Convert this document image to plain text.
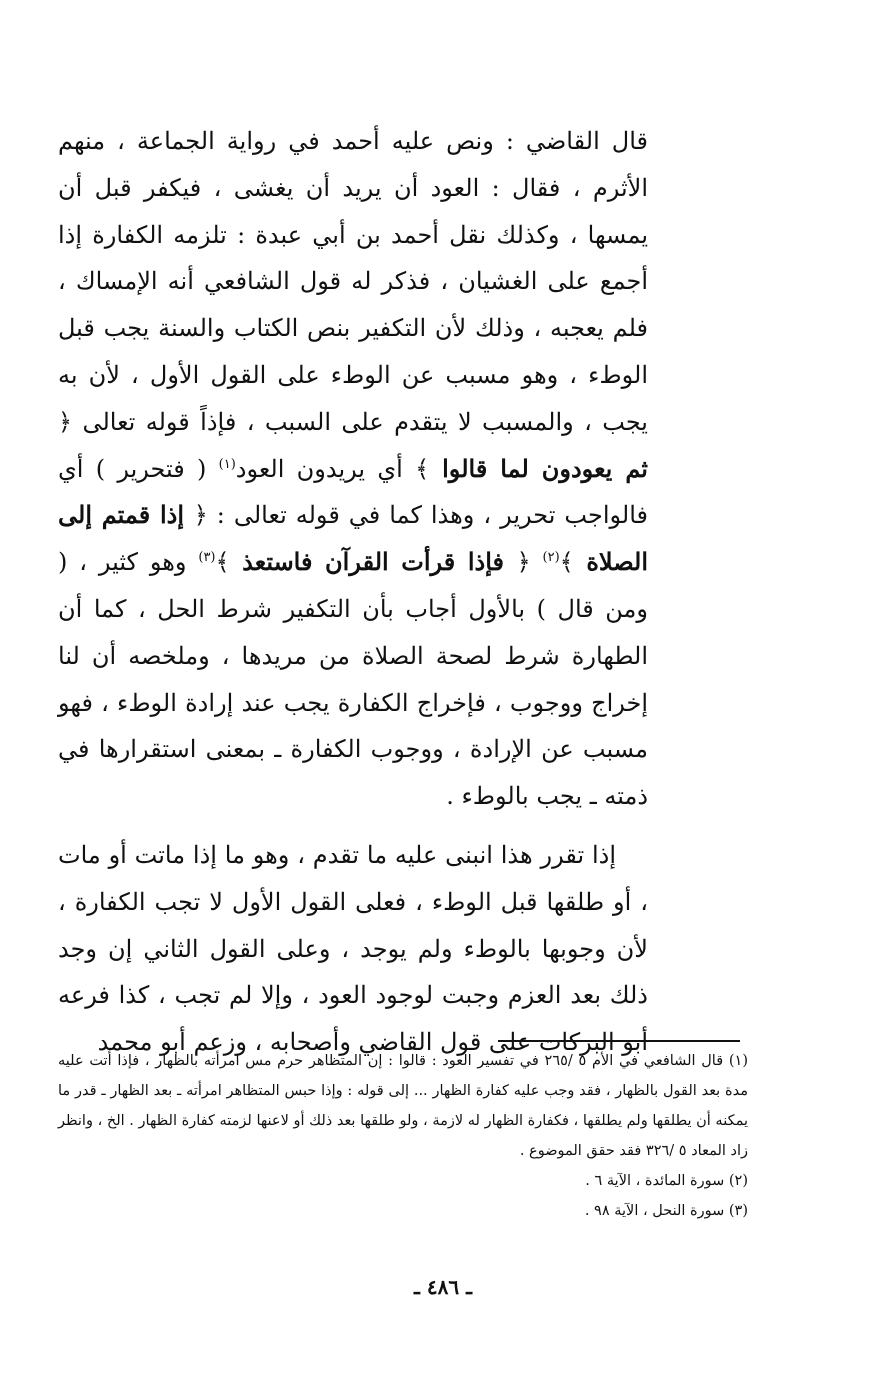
قال القاضي : ونص عليه أحمد في رواية الجماعة ، منهم الأثرم ، فقال : العود أن يريد أن يغشى ، فيكفر قبل أن يمسها ، وكذلك نقل أحمد بن أبي عبدة : تلزمه الكفارة إذا أجمع على الغشيان ، فذكر له قول الشافعي أنه الإمساك ، فلم يعجبه ، وذلك لأن التكفير بنص الكتاب والسنة يجب قبل الوطء ، وهو مسبب عن الوطء على القول الأول ، لأن به يجب ، والمسبب لا يتقدم على السبب ، فإذاً قوله تعالى ﴿ ثم يعودون لما قالوا ﴾ أي يريدون العود$^{(١)}$ ( فتحرير ) أي فالواجب تحرير ، وهذا كما في قوله تعالى : ﴿ إذا قمتم إلى الصلاة ﴾$^{(٢)}$ ﴿ فإذا قرأت القرآن فاستعذ ﴾$^{(٣)}$ وهو كثير ، ( ومن قال ) بالأول أجاب بأن التكفير شرط الحل ، كما أن الطهارة شرط لصحة الصلاة من مريدها ، وملخصه أن لنا إخراج ووجوب ، فإخراج الكفارة يجب عند إرادة الوطء ، فهو مسبب عن الإرادة ، ووجوب الكفارة ـ بمعنى استقرارها في ذمته ـ يجب بالوطء .

إذا تقرر هذا انبنى عليه ما تقدم ، وهو ما إذا ماتت أو مات ، أو طلقها قبل الوطء ، فعلى القول الأول لا تجب الكفارة ، لأن وجوبها بالوطء ولم يوجد ، وعلى القول الثاني إن وجد ذلك بعد العزم وجبت لوجود العود ، وإلا لم تجب ، كذا فرعه أبو البركات على قول القاضي وأصحابه ، وزعم أبو محمد

(١) قال الشافعي في الأم ٥ /٢٦٥ في تفسير العود : قالوا : إن المتظاهر حرم مس امرأته بالظهار ، فإذا أتت عليه مدة بعد القول بالظهار ، فقد وجب عليه كفارة الظهار ... إلى قوله : وإذا حبس المتظاهر امرأته ـ بعد الظهار ـ قدر ما يمكنه أن يطلقها ولم يطلقها ، فكفارة الظهار له لازمة ، ولو طلقها بعد ذلك أو لاعنها لزمته كفارة الظهار . الخ ، وانظر زاد المعاد ٥ /٣٢٦ فقد حقق الموضوع .

(٢) سورة المائدة ، الآية ٦ .

(٣) سورة النحل ، الآية ٩٨ .

ـ ٤٨٦ ـ
